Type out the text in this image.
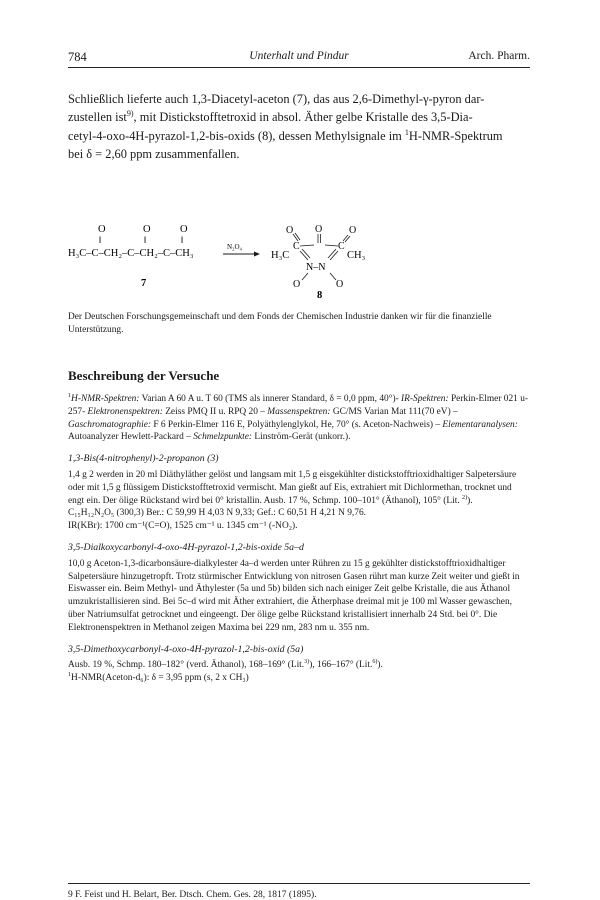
784	Unterhalt und Pindur	Arch. Pharm.
Schließlich lieferte auch 1,3-Diacetyl-aceton (7), das aus 2,6-Dimethyl-γ-pyron dar-
zustellen ist$^{9)}$, mit Distickstofftetroxid in absol. Äther gelbe Kristalle des 3,5-Dia-
cetyl-4-oxo-4H-pyrazol-1,2-bis-oxids (8), dessen Methylsignale im $^1$H-NMR-Spektrum
bei δ = 2,60 ppm zusammenfallen.
O
‖
O
‖
O
‖
H₃C–C–CH₂–C–CH₂–C–CH₃
7
N₂O₄
H₃C
C
O O
C
O
CH₃
N–N
O	O
8
Der Deutschen Forschungsgemeinschaft und dem Fonds der Chemischen Industrie danken wir für die finanzielle Unterstützung.
Beschreibung der Versuche

$^1$H-NMR-Spektren: Varian A 60 A u. T 60 (TMS als innerer Standard, δ = 0,0 ppm, 40°)- IR-Spektren: Perkin-Elmer 021 u- 257- Elektronenspektren: Zeiss PMQ II u. RPQ 20 – Massenspektren: GC/MS Varian Mat 111(70 eV) – Gaschromatographie: F 6 Perkin-Elmer 116 E, Polyäthylenglykol, He, 70° (s. Aceton-Nachweis) – Elementaranalysen: Autoanalyzer Hewlett-Packard – Schmelzpunkte: Linström-Gerät (unkorr.).

1,3-Bis(4-nitrophenyl)-2-propanon (3)

1,4 g 2 werden in 20 ml Diäthyläther gelöst und langsam mit 1,5 g eisgekühlter distickstofftrioxidhaltiger Salpetersäure oder mit 1,5 g flüssigem Distickstofftetroxid vermischt. Man gießt auf Eis, extrahiert mit Dichlormethan, trocknet und engt ein. Der ölige Rückstand wird bei 0° kristallin. Ausb. 17 %, Schmp. 100–101° (Äthanol), 105° (Lit. $^{2)}$).

C₁₅H₁₂N₂O₅ (300,3) Ber.: C 59,99 H 4,03 N 9,33; Gef.: C 60,51 H 4,21 N 9,76.

IR(KBr): 1700 cm⁻¹(C=O), 1525 cm⁻¹ u. 1345 cm⁻¹ (-NO₂).

3,5-Dialkoxycarbonyl-4-oxo-4H-pyrazol-1,2-bis-oxide 5a–d

10,0 g Aceton-1,3-dicarbonsäure-dialkylester 4a–d werden unter Rühren zu 15 g gekühlter distickstofftrioxidhaltiger Salpetersäure hinzugetropft. Trotz stürmischer Entwicklung von nitrosen Gasen rührt man kurze Zeit weiter und gießt in Eiswasser ein. Beim Methyl- und Äthylester (5a und 5b) bilden sich nach einiger Zeit gelbe Kristalle, die aus Äthanol umzukristallisieren sind. Bei 5c–d wird mit Äther extrahiert, die Ätherphase dreimal mit je 100 ml Wasser gewaschen, über Natriumsulfat getrocknet und eingeengt. Der ölige gelbe Rückstand kristallisiert innerhalb 24 Std. bei 0°. Die Elektronenspektren in Methanol zeigen Maxima bei 229 nm, 283 nm u. 355 nm.

3,5-Dimethoxycarbonyl-4-oxo-4H-pyrazol-1,2-bis-oxid (5a)

Ausb. 19 %, Schmp. 180–182° (verd. Äthanol), 168–169° (Lit.$^{3)}$), 166–167° (Lit.$^{6)}$).
$^1$H-NMR(Aceton-d₆): δ = 3,95 ppm (s, 2 x CH₃)

9 F. Feist und H. Belart, Ber. Dtsch. Chem. Ges. 28, 1817 (1895).
